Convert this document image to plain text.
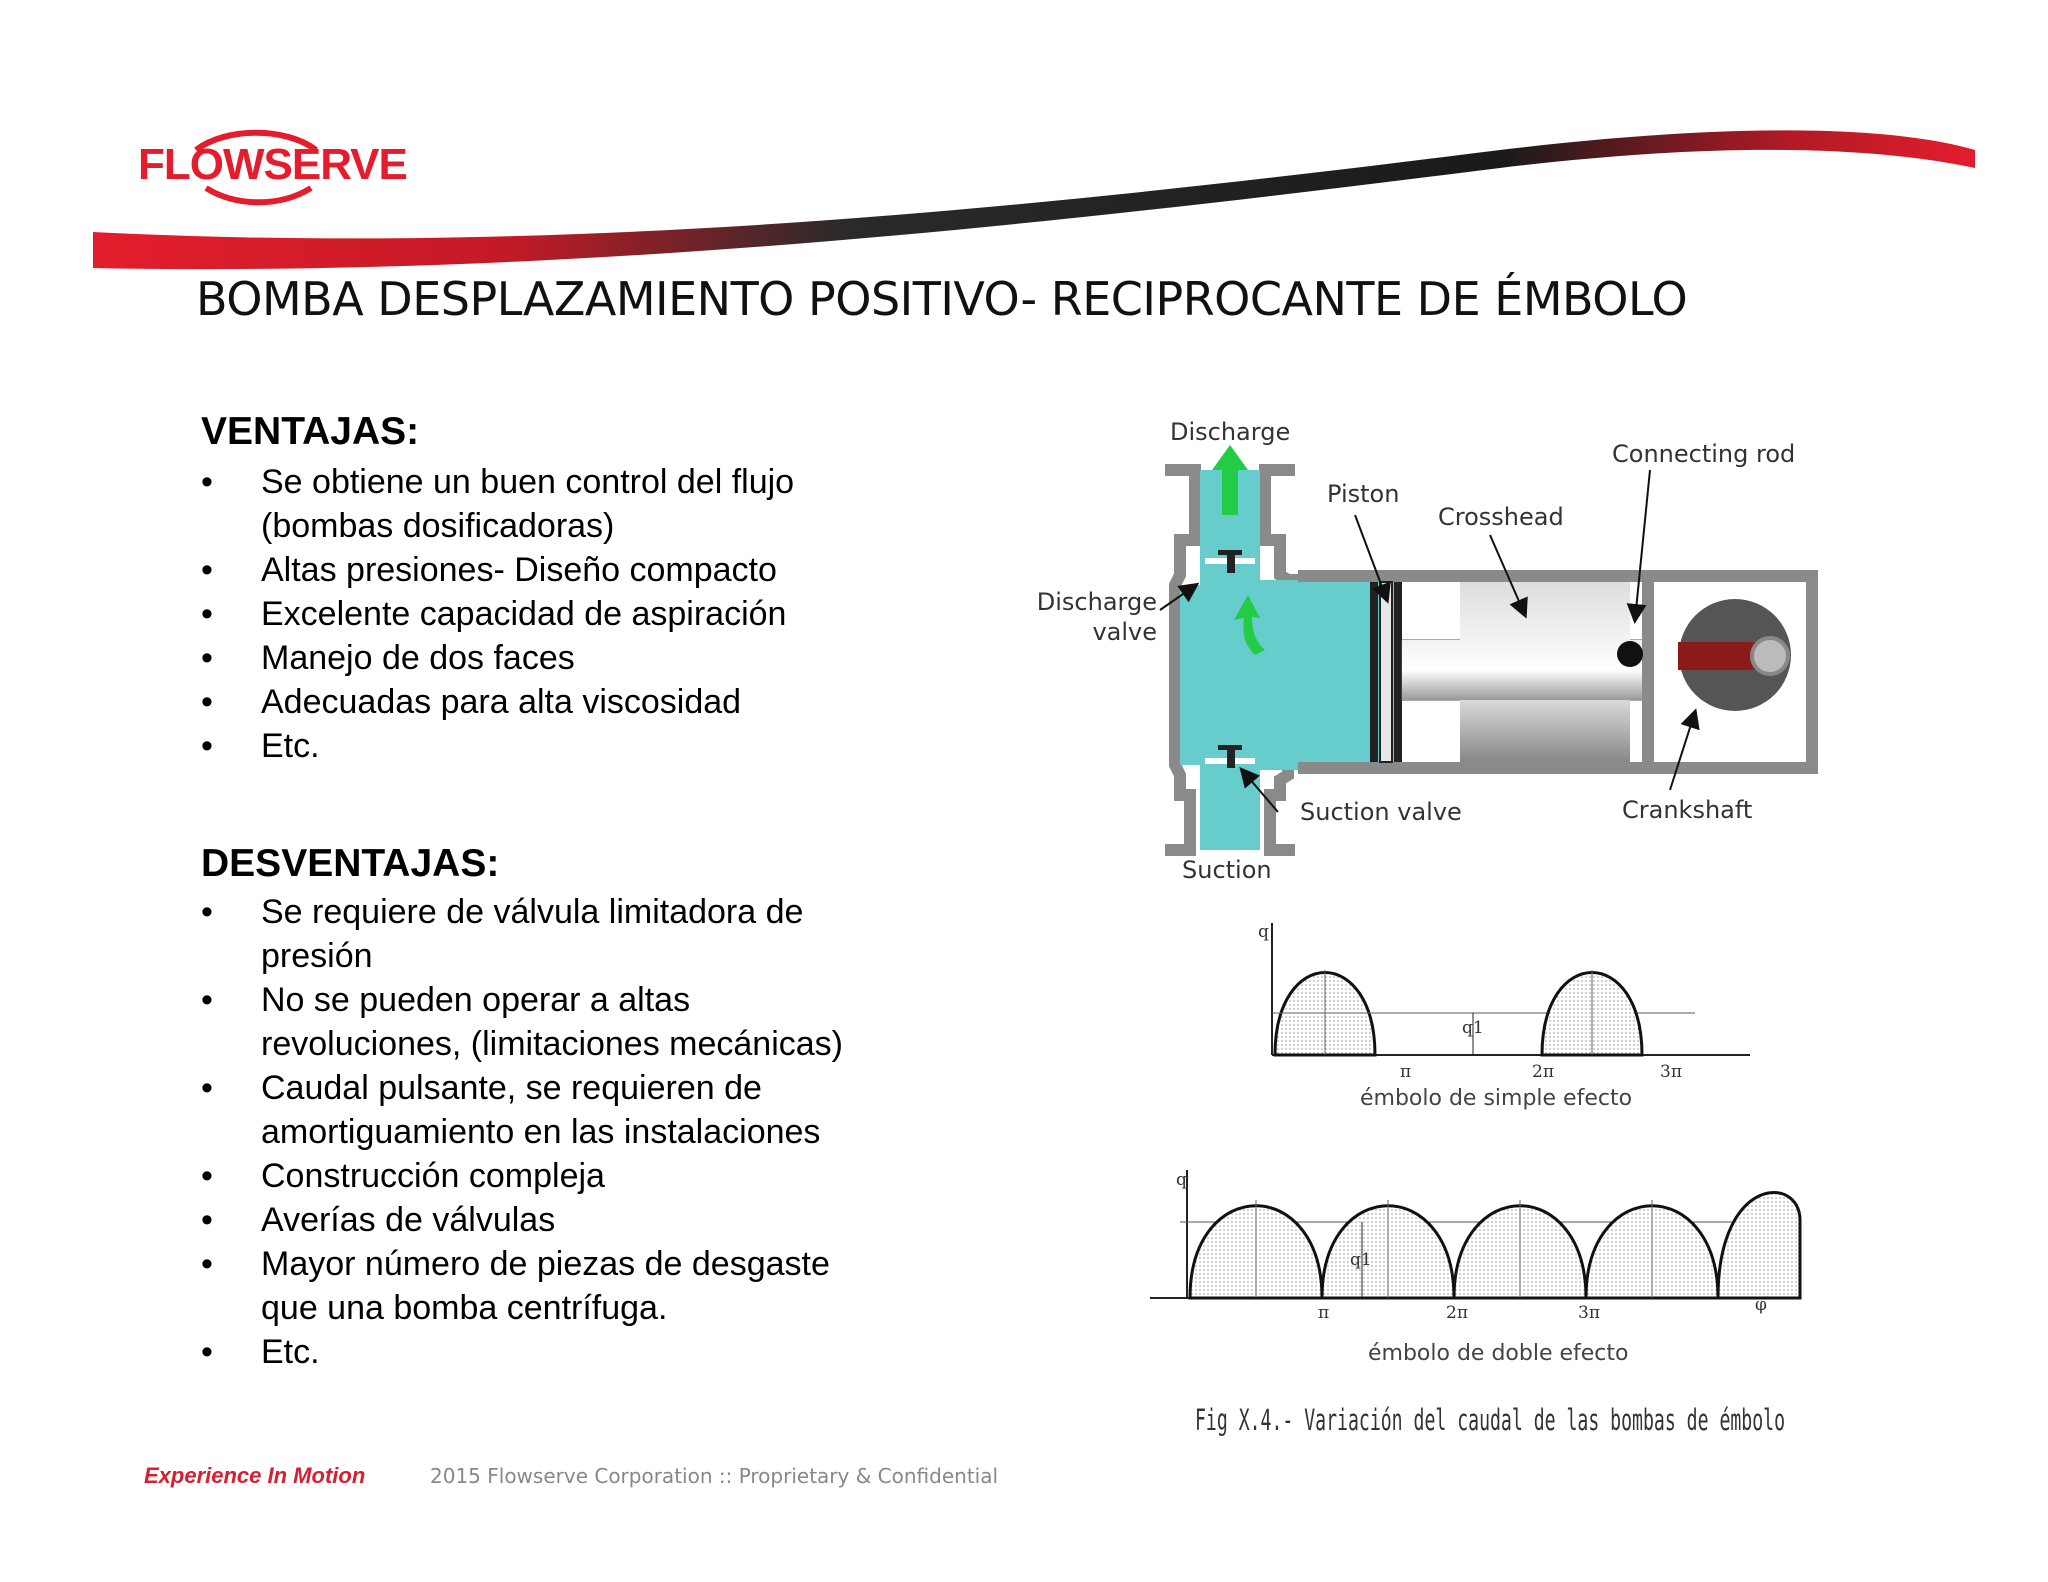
FLOWSERVE
BOMBA DESPLAZAMIENTO POSITIVO- RECIPROCANTE DE ÉMBOLO
VENTAJAS:
• Se obtiene un buen control del flujo
(bombas dosificadoras)
• Altas presiones- Diseño compacto
• Excelente capacidad de aspiración
• Manejo de dos faces
• Adecuadas para alta viscosidad
• Etc.
DESVENTAJAS:
• Se requiere de válvula limitadora de
presión
• No se pueden operar a altas
revoluciones, (limitaciones mecánicas)
• Caudal pulsante, se requieren de
amortiguamiento en las instalaciones
• Construcción compleja
• Averías de válvulas
• Mayor número de piezas de desgaste
que una bomba centrífuga.
• Etc.
Discharge
Piston
Crosshead
Connecting rod
Discharge
valve
Suction valve	Crankshaft
Suction
q
q1
π	2π	3π
émbolo de simple efecto
q
q1
π	2π	3π	φ
émbolo de doble efecto
Fig X.4.- Variación del caudal de las bombas de émbolo
Experience In Motion	2015 Flowserve Corporation :: Proprietary & Confidential
